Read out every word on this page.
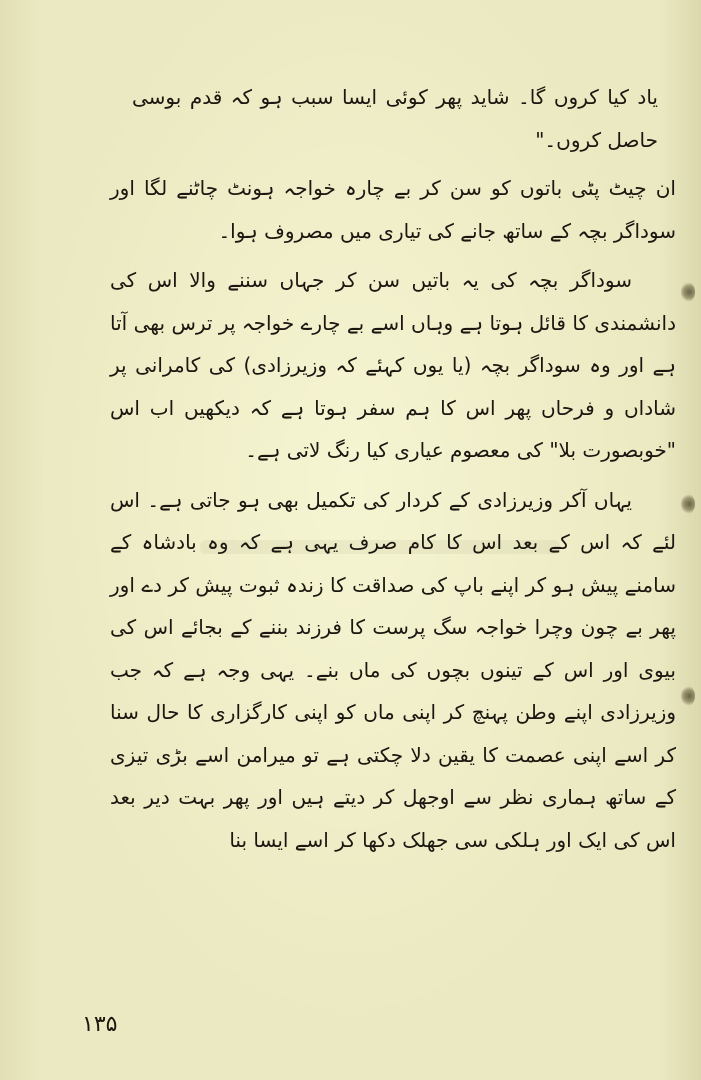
یاد کیا کروں گا۔ شاید پھر کوئی ایسا سبب ہو کہ قدم بوسی حاصل کروں۔"

ان چیٹ پٹی باتوں کو سن کر بے چارہ خواجہ ہونٹ چاٹنے لگا اور سوداگر بچہ کے ساتھ جانے کی تیاری میں مصروف ہوا۔

سوداگر بچہ کی یہ باتیں سن کر جہاں سننے والا اس کی دانشمندی کا قائل ہوتا ہے وہاں اسے بے چارے خواجہ پر ترس بھی آتا ہے اور وہ سوداگر بچہ (یا یوں کہئے کہ وزیرزادی) کی کامرانی پر شاداں و فرحاں پھر اس کا ہم سفر ہوتا ہے کہ دیکھیں اب اس "خوبصورت بلا" کی معصوم عیاری کیا رنگ لاتی ہے۔

یہاں آکر وزیرزادی کے کردار کی تکمیل بھی ہو جاتی ہے۔ اس لئے کہ اس کے بعد اس کا کام صرف یہی ہے کہ وہ بادشاہ کے سامنے پیش ہو کر اپنے باپ کی صداقت کا زندہ ثبوت پیش کر دے اور پھر بے چون وچرا خواجہ سگ پرست کا فرزند بننے کے بجائے اس کی بیوی اور اس کے تینوں بچوں کی ماں بنے۔ یہی وجہ ہے کہ جب وزیرزادی اپنے وطن پہنچ کر اپنی ماں کو اپنی کارگزاری کا حال سنا کر اسے اپنی عصمت کا یقین دلا چکتی ہے تو میرامن اسے بڑی تیزی کے ساتھ ہماری نظر سے اوجھل کر دیتے ہیں اور پھر بہت دیر بعد اس کی ایک اور ہلکی سی جھلک دکھا کر اسے ایسا بنا

۱۳۵
